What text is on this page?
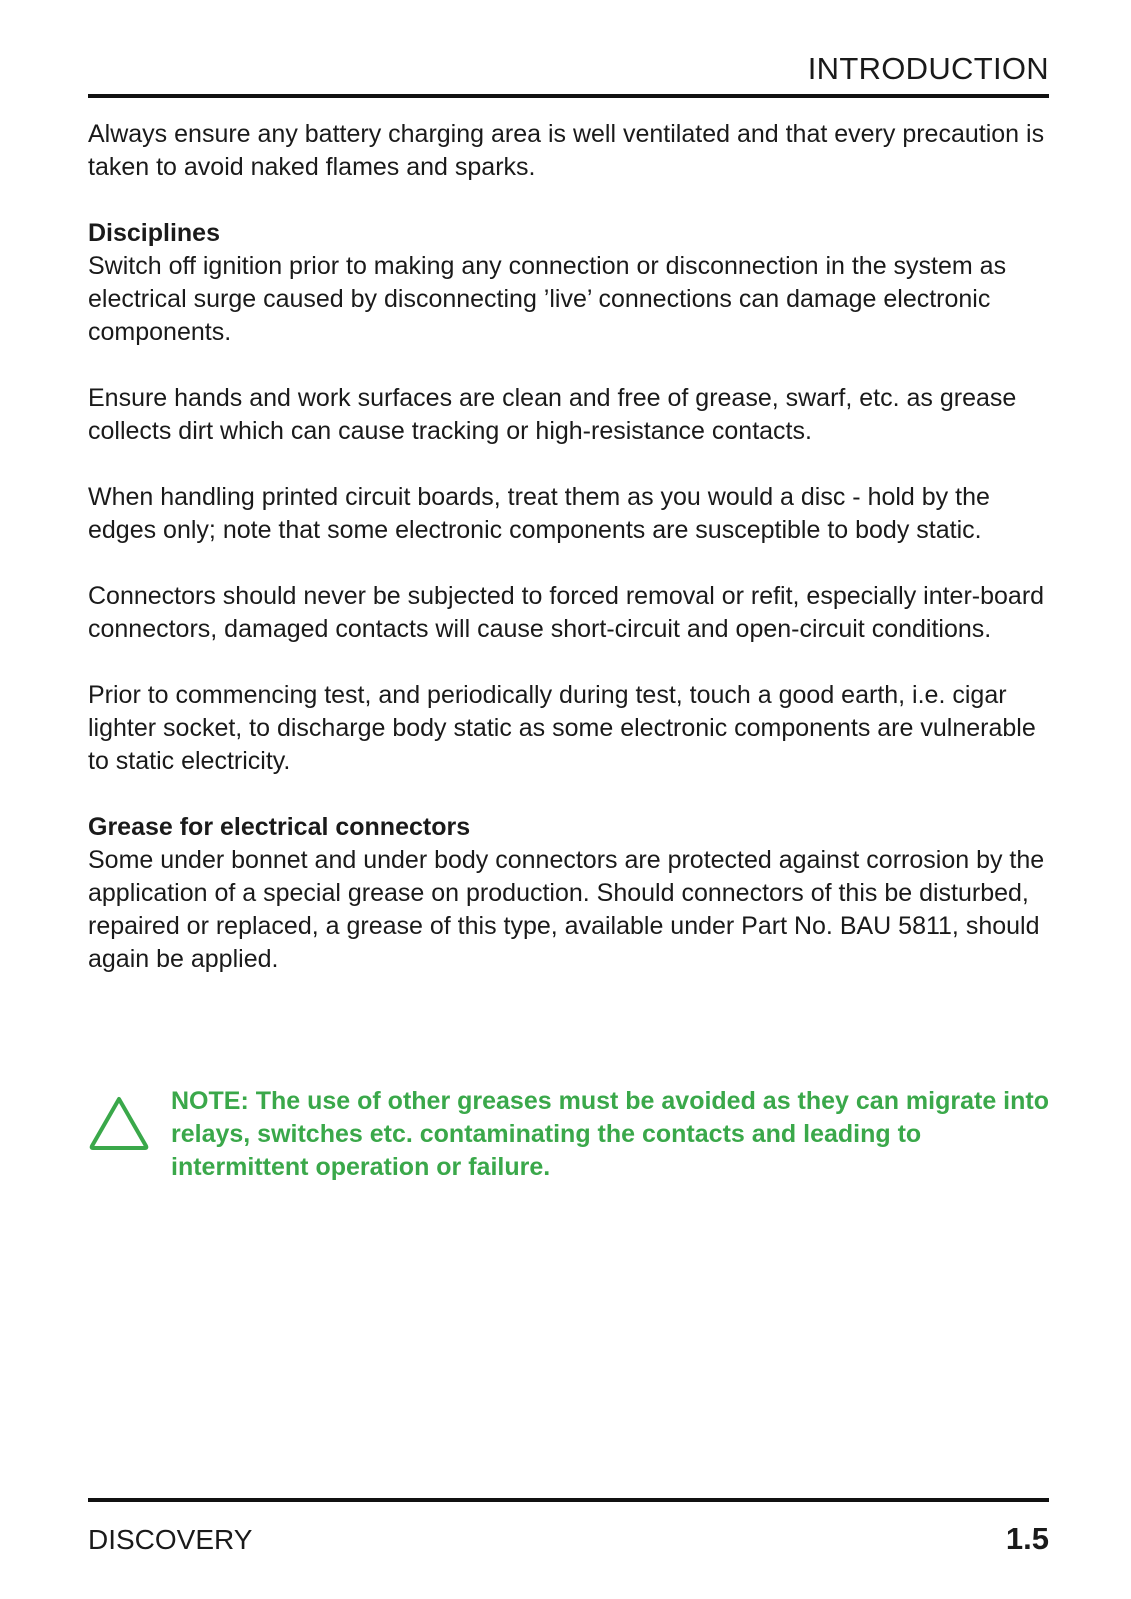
INTRODUCTION

Always ensure any battery charging area is well ventilated and that every precaution is taken to avoid naked flames and sparks.

Disciplines
Switch off ignition prior to making any connection or disconnection in the system as electrical surge caused by disconnecting ’live’ connections can damage electronic components.

Ensure hands and work surfaces are clean and free of grease, swarf, etc. as grease collects dirt which can cause tracking or high-resistance contacts.

When handling printed circuit boards, treat them as you would a disc - hold by the edges only; note that some electronic components are susceptible to body static.

Connectors should never be subjected to forced removal or refit, especially inter-board connectors, damaged contacts will cause short-circuit and open-circuit conditions.

Prior to commencing test, and periodically during test, touch a good earth, i.e. cigar lighter socket, to discharge body static as some electronic components are vulnerable to static electricity.

Grease for electrical connectors
Some under bonnet and under body connectors are protected against corrosion by the application of a special grease on production. Should connectors of this be disturbed, repaired or replaced, a grease of this type, available under Part No. BAU 5811, should again be applied.

NOTE: The use of other greases must be avoided as they can migrate into relays, switches etc. contaminating the contacts and leading to intermittent operation or failure.
DISCOVERY	1.5
